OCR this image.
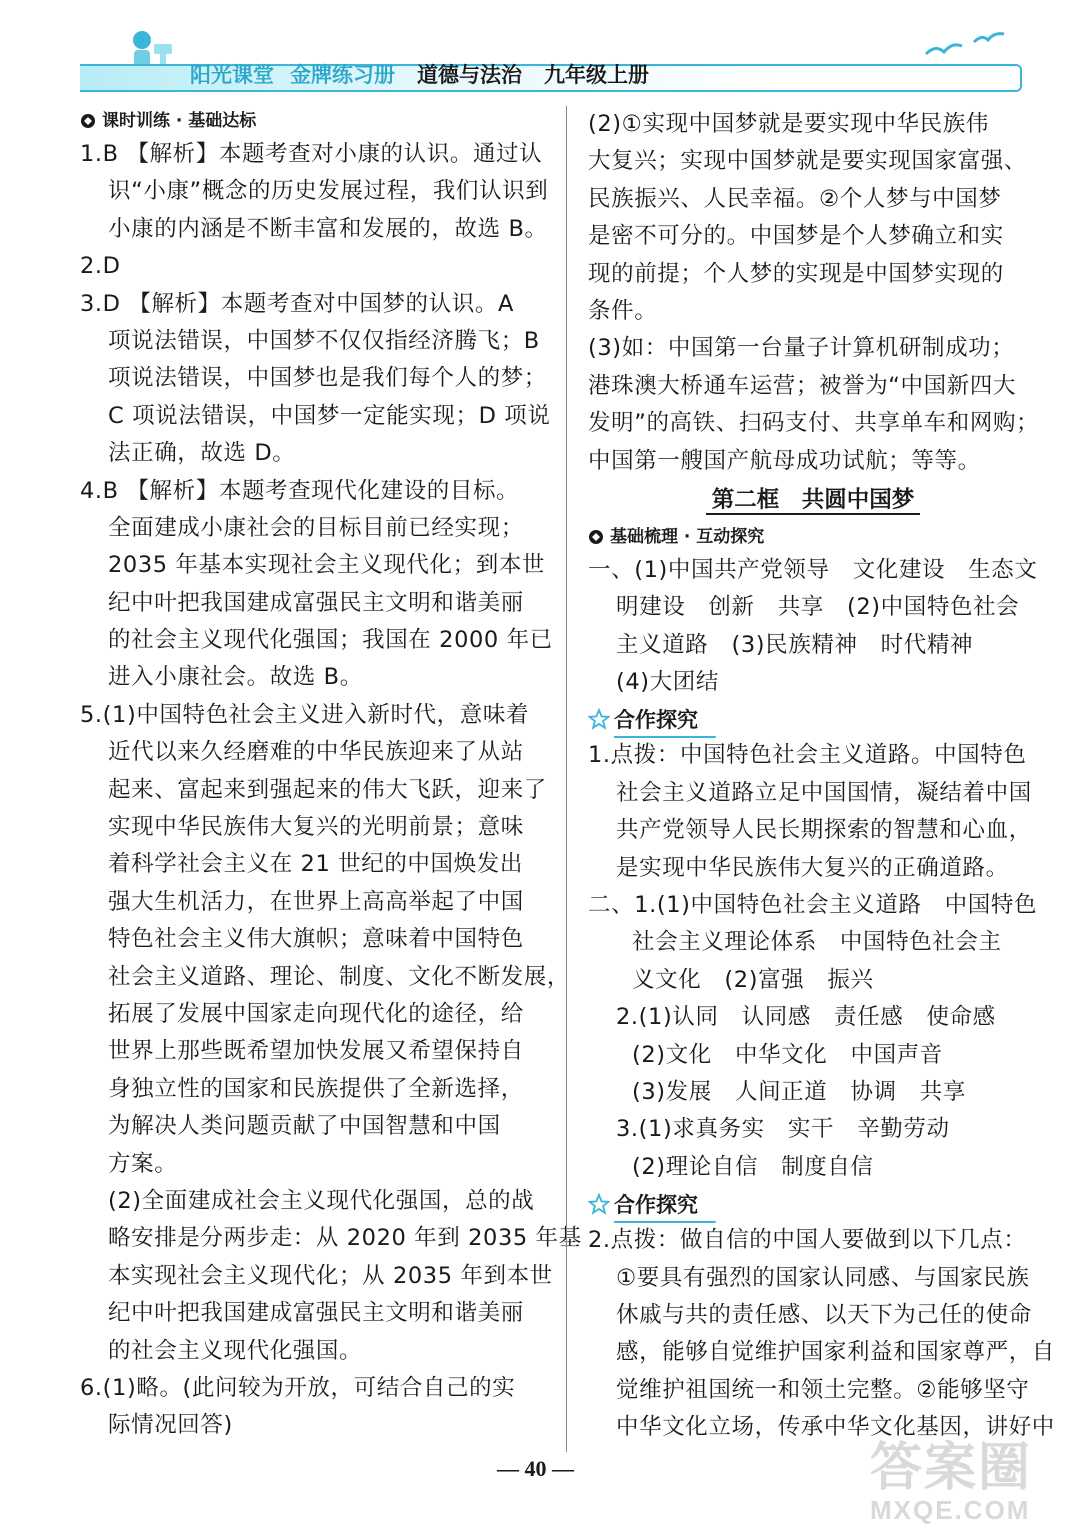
阳光课堂 金牌练习册 道德与法治 九年级上册
课时训练 · 基础达标
1.B 【解析】本题考查对小康的认识。通过认
识“小康”概念的历史发展过程，我们认识到
小康的内涵是不断丰富和发展的，故选 B。
2.D
3.D 【解析】本题考查对中国梦的认识。A
项说法错误，中国梦不仅仅指经济腾飞；B
项说法错误，中国梦也是我们每个人的梦；
C 项说法错误，中国梦一定能实现；D 项说
法正确，故选 D。
4.B 【解析】本题考查现代化建设的目标。
全面建成小康社会的目标目前已经实现；
2035 年基本实现社会主义现代化；到本世
纪中叶把我国建成富强民主文明和谐美丽
的社会主义现代化强国；我国在 2000 年已
进入小康社会。故选 B。
5.(1)中国特色社会主义进入新时代，意味着
近代以来久经磨难的中华民族迎来了从站
起来、富起来到强起来的伟大飞跃，迎来了
实现中华民族伟大复兴的光明前景；意味
着科学社会主义在 21 世纪的中国焕发出
强大生机活力，在世界上高高举起了中国
特色社会主义伟大旗帜；意味着中国特色
社会主义道路、理论、制度、文化不断发展，
拓展了发展中国家走向现代化的途径，给
世界上那些既希望加快发展又希望保持自
身独立性的国家和民族提供了全新选择，
为解决人类问题贡献了中国智慧和中国
方案。
(2)全面建成社会主义现代化强国，总的战
略安排是分两步走：从 2020 年到 2035 年基
本实现社会主义现代化；从 2035 年到本世
纪中叶把我国建成富强民主文明和谐美丽
的社会主义现代化强国。
6.(1)略。(此问较为开放，可结合自己的实
际情况回答)
(2)①实现中国梦就是要实现中华民族伟
大复兴；实现中国梦就是要实现国家富强、
民族振兴、人民幸福。②个人梦与中国梦
是密不可分的。中国梦是个人梦确立和实
现的前提；个人梦的实现是中国梦实现的
条件。
(3)如：中国第一台量子计算机研制成功；
港珠澳大桥通车运营；被誉为“中国新四大
发明”的高铁、扫码支付、共享单车和网购；
中国第一艘国产航母成功试航；等等。
第二框　共圆中国梦
基础梳理 · 互动探究
一、(1)中国共产党领导　文化建设　生态文
明建设　创新　共享　(2)中国特色社会
主义道路　(3)民族精神　时代精神
(4)大团结
合作探究
1.点拨：中国特色社会主义道路。中国特色
社会主义道路立足中国国情，凝结着中国
共产党领导人民长期探索的智慧和心血，
是实现中华民族伟大复兴的正确道路。
二、1.(1)中国特色社会主义道路　中国特色
社会主义理论体系　中国特色社会主
义文化　(2)富强　振兴
2.(1)认同　认同感　责任感　使命感
(2)文化　中华文化　中国声音
(3)发展　人间正道　协调　共享
3.(1)求真务实　实干　辛勤劳动
(2)理论自信　制度自信
合作探究
2.点拨：做自信的中国人要做到以下几点：
①要具有强烈的国家认同感、与国家民族
休戚与共的责任感、以天下为己任的使命
感，能够自觉维护国家利益和国家尊严，自
觉维护祖国统一和领土完整。②能够坚守
中华文化立场，传承中华文化基因，讲好中
— 40 —	答案圈
MXQE.COM
